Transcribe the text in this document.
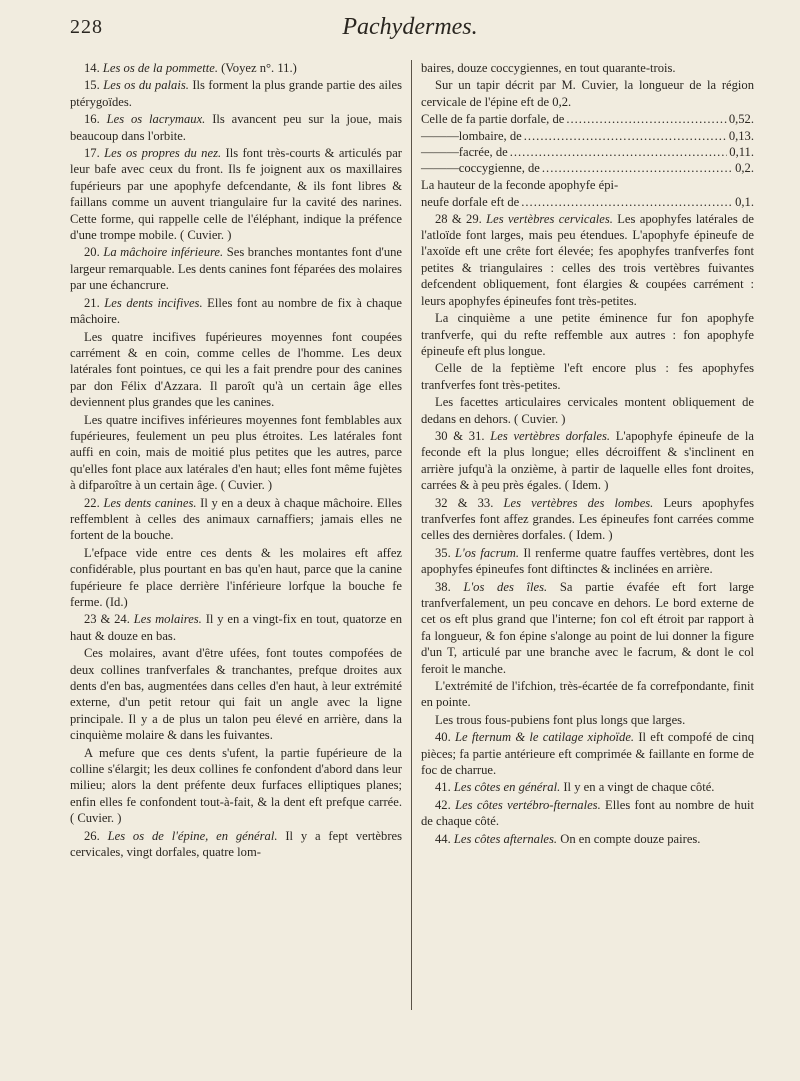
228	Pachydermes.

14. Les os de la pommette. (Voyez n°. 11.)

15. Les os du palais. Ils forment la plus grande partie des ailes ptérygoïdes.

16. Les os lacrymaux. Ils avancent peu sur la joue, mais beaucoup dans l'orbite.

17. Les os propres du nez. Ils font très-courts & articulés par leur bafe avec ceux du front. Ils fe joignent aux os maxillaires fupérieurs par une apophyfe defcendante, & ils font libres & faillans comme un auvent triangulaire fur la cavité des narines. Cette forme, qui rappelle celle de l'éléphant, indique la préfence d'une trompe mobile. ( Cuvier. )

20. La mâchoire inférieure. Ses branches montantes font d'une largeur remarquable. Les dents canines font féparées des molaires par une échancrure.

21. Les dents incifives. Elles font au nombre de fix à chaque mâchoire.

Les quatre incifives fupérieures moyennes font coupées carrément & en coin, comme celles de l'homme. Les deux latérales font pointues, ce qui les a fait prendre pour des canines par don Félix d'Azzara. Il paroît qu'à un certain âge elles deviennent plus grandes que les canines.

Les quatre incifives inférieures moyennes font femblables aux fupérieures, feulement un peu plus étroites. Les latérales font auffi en coin, mais de moitié plus petites que les autres, parce qu'elles font place aux latérales d'en haut; elles font même fujètes à difparoître à un certain âge. ( Cuvier. )

22. Les dents canines. Il y en a deux à chaque mâchoire. Elles reffemblent à celles des animaux carnaffiers; jamais elles ne fortent de la bouche.

L'efpace vide entre ces dents & les molaires eft affez confidérable, plus pourtant en bas qu'en haut, parce que la canine fupérieure fe place derrière l'inférieure lorfque la bouche fe ferme. (Id.)

23 & 24. Les molaires. Il y en a vingt-fix en tout, quatorze en haut & douze en bas.

Ces molaires, avant d'être ufées, font toutes compofées de deux collines tranfverfales & tranchantes, prefque droites aux dents d'en bas, augmentées dans celles d'en haut, à leur extrémité externe, d'un petit retour qui fait un angle avec la ligne principale. Il y a de plus un talon peu élevé en arrière, dans la cinquième molaire & dans les fuivantes.

A mefure que ces dents s'ufent, la partie fupérieure de la colline s'élargit; les deux collines fe confondent d'abord dans leur milieu; alors la dent préfente deux furfaces elliptiques planes; enfin elles fe confondent tout-à-fait, & la dent eft prefque carrée. ( Cuvier. )

26. Les os de l'épine, en général. Il y a fept vertèbres cervicales, vingt dorfales, quatre lom-

baires, douze coccygiennes, en tout quarante-trois.

Sur un tapir décrit par M. Cuvier, la longueur de la région cervicale de l'épine eft de 0,2.

Celle de fa partie dorfale, de .....	0,52.
———lombaire, de .....	0,13.
———facrée, de .....	0,11.
———coccygienne, de .....	0,2.

La hauteur de la feconde apophyfe épi-

neufe dorfale eft de .....	0,1.

28 & 29. Les vertèbres cervicales. Les apophyfes latérales de l'atloïde font larges, mais peu étendues. L'apophyfe épineufe de l'axoïde eft une crête fort élevée; fes apophyfes tranfverfes font petites & triangulaires : celles des trois vertèbres fuivantes defcendent obliquement, font élargies & coupées carrément : leurs apophyfes épineufes font très-petites.

La cinquième a une petite éminence fur fon apophyfe tranfverfe, qui du refte reffemble aux autres : fon apophyfe épineufe eft plus longue.

Celle de la feptième l'eft encore plus : fes apophyfes tranfverfes font très-petites.

Les facettes articulaires cervicales montent obliquement de dedans en dehors. ( Cuvier. )

30 & 31. Les vertèbres dorfales. L'apophyfe épineufe de la feconde eft la plus longue; elles décroiffent & s'inclinent en arrière jufqu'à la onzième, à partir de laquelle elles font droites, carrées & à peu près égales. ( Idem. )

32 & 33. Les vertèbres des lombes. Leurs apophyfes tranfverfes font affez grandes. Les épineufes font carrées comme celles des dernières dorfales. ( Idem. )

35. L'os facrum. Il renferme quatre fauffes vertèbres, dont les apophyfes épineufes font diftinctes & inclinées en arrière.

38. L'os des îles. Sa partie évafée eft fort large tranfverfalement, un peu concave en dehors. Le bord externe de cet os eft plus grand que l'interne; fon col eft étroit par rapport à fa longueur, & fon épine s'alonge au point de lui donner la figure d'un T, articulé par une branche avec le facrum, & dont le col feroit le manche.

L'extrémité de l'ifchion, très-écartée de fa correfpondante, finit en pointe.

Les trous fous-pubiens font plus longs que larges.

40. Le fternum & le catilage xiphoïde. Il eft compofé de cinq pièces; fa partie antérieure eft comprimée & faillante en forme de foc de charrue.

41. Les côtes en général. Il y en a vingt de chaque côté.

42. Les côtes vertébro-fternales. Elles font au nombre de huit de chaque côté.

44. Les côtes afternales. On en compte douze paires.
